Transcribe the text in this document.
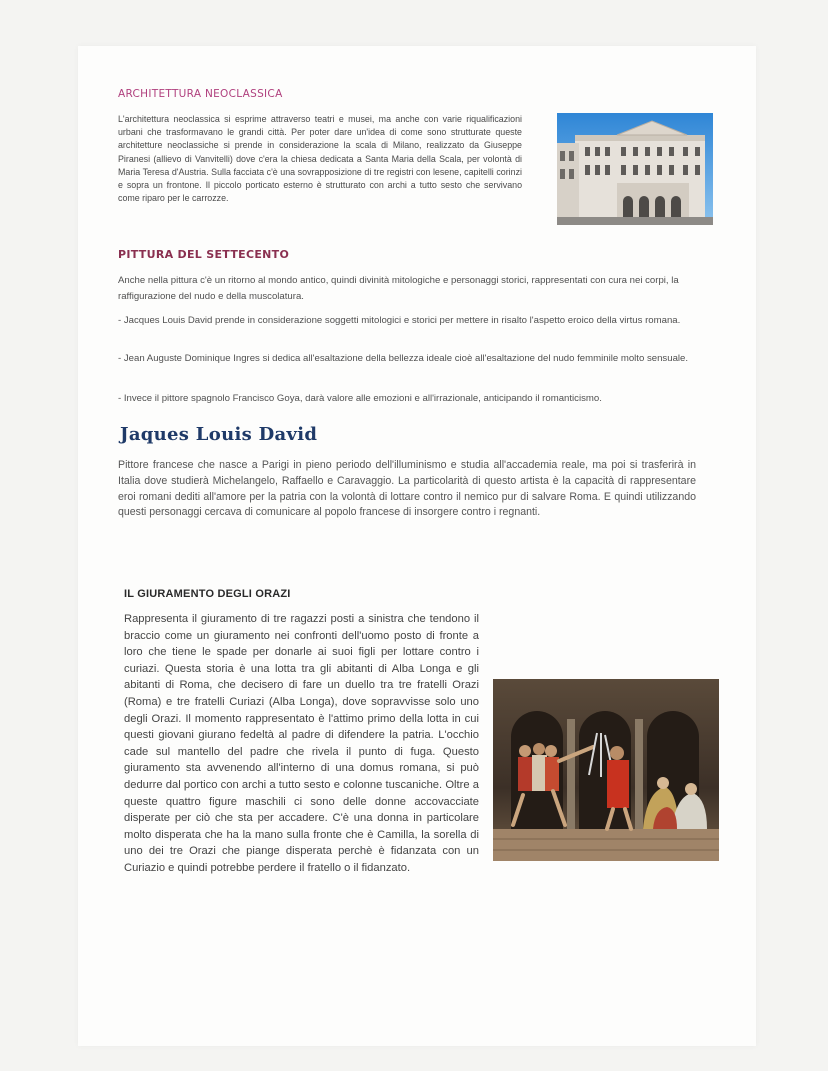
ARCHITETTURA NEOCLASSICA

L'architettura neoclassica si esprime attraverso teatri e musei, ma anche con varie riqualificazioni urbani che trasformavano le grandi città. Per poter dare un'idea di come sono strutturate queste architetture neoclassiche si prende in considerazione la scala di Milano, realizzato da Giuseppe Piranesi (allievo di Vanvitelli) dove c'era la chiesa dedicata a Santa Maria della Scala, per volontà di Maria Teresa d'Austria. Sulla facciata c'è una sovrapposizione di tre registri con lesene, capitelli corinzi e sopra un frontone. Il piccolo porticato esterno è strutturato con archi a tutto sesto che servivano come riparo per le carrozze.

PITTURA DEL SETTECENTO

Anche nella pittura c'è un ritorno al mondo antico, quindi divinità mitologiche e personaggi storici, rappresentati con cura nei corpi, la raffigurazione del nudo e della muscolatura.

- Jacques Louis David prende in considerazione soggetti mitologici e storici per mettere in risalto l'aspetto eroico della virtus romana.

- Jean Auguste Dominique Ingres si dedica all'esaltazione della bellezza ideale cioè all'esaltazione del nudo femminile molto sensuale.

- Invece il pittore spagnolo Francisco Goya, darà valore alle emozioni e all'irrazionale, anticipando il romanticismo.

Jaques Louis David

Pittore francese che nasce a Parigi in pieno periodo dell'illuminismo e studia all'accademia reale, ma poi si trasferirà in Italia dove studierà Michelangelo, Raffaello e Caravaggio. La particolarità di questo artista è la capacità di rappresentare eroi romani dediti all'amore per la patria con la volontà di lottare contro il nemico pur di salvare Roma. E quindi utilizzando questi personaggi cercava di comunicare al popolo francese di insorgere contro i regnanti.

IL GIURAMENTO DEGLI ORAZI

Rappresenta il giuramento di tre ragazzi posti a sinistra che tendono il braccio come un giuramento nei confronti dell'uomo posto di fronte a loro che tiene le spade per donarle ai suoi figli per lottare contro i curiazi. Questa storia è una lotta tra gli abitanti di Alba Longa e gli abitanti di Roma, che decisero di fare un duello tra tre fratelli Orazi (Roma) e tre fratelli Curiazi (Alba Longa), dove sopravvisse solo uno degli Orazi. Il momento rappresentato è l'attimo primo della lotta in cui questi giovani giurano fedeltà al padre di difendere la patria. L'occhio cade sul mantello del padre che rivela il punto di fuga. Questo giuramento sta avvenendo all'interno di una domus romana, si può dedurre dal portico con archi a tutto sesto e colonne tuscaniche. Oltre a queste quattro figure maschili ci sono delle donne accovacciate disperate per ciò che sta per accadere. C'è una donna in particolare molto disperata che ha la mano sulla fronte che è Camilla, la sorella di uno dei tre Orazi che piange disperata perchè è fidanzata con un Curiazio e quindi potrebbe perdere il fratello o il fidanzato.
